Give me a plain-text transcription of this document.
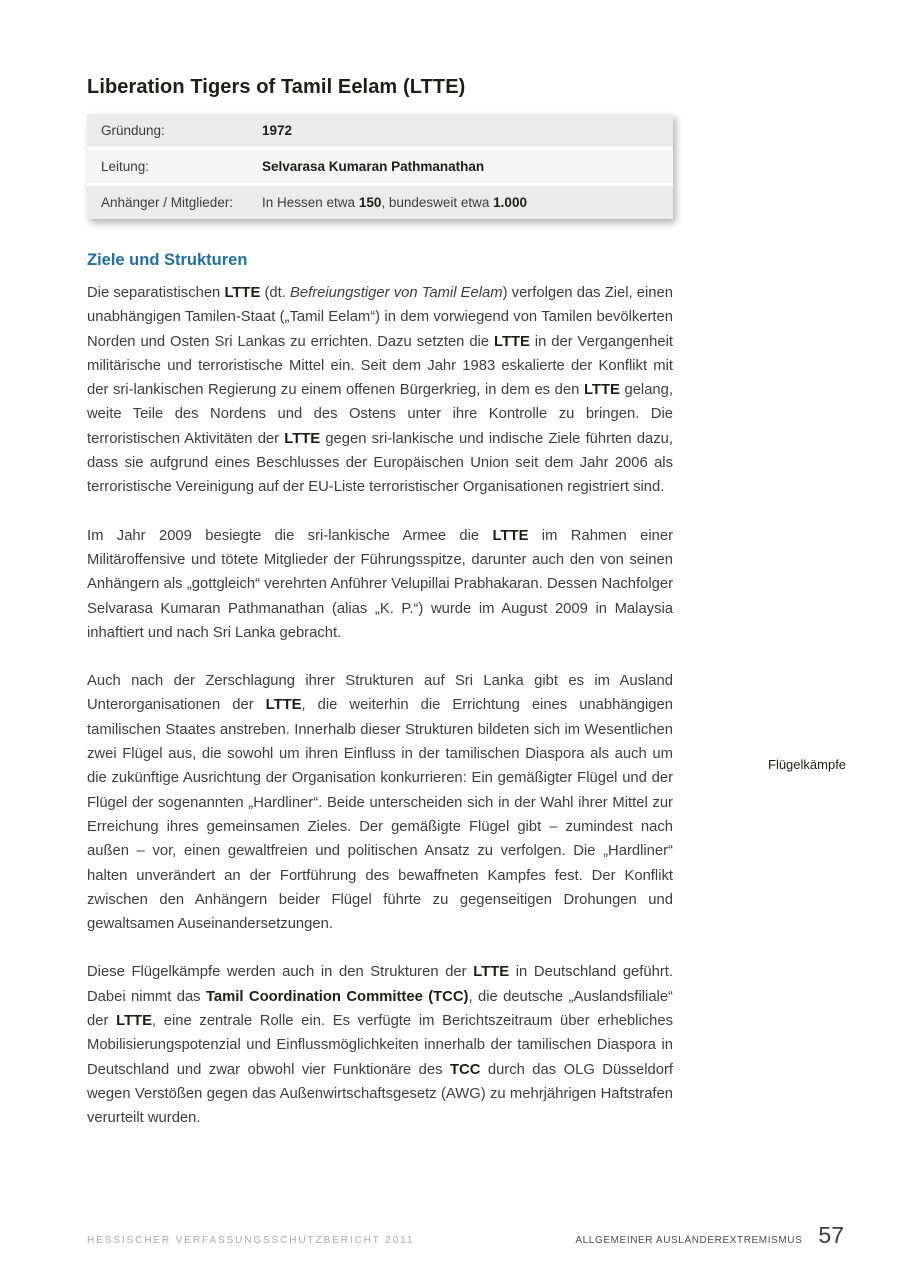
Liberation Tigers of Tamil Eelam (LTTE)
Gründung:	1972
Leitung:	Selvarasa Kumaran Pathmanathan
Anhänger / Mitglieder:	In Hessen etwa 150, bundesweit etwa 1.000
Ziele und Strukturen

Die separatistischen LTTE (dt. Befreiungstiger von Tamil Eelam) verfolgen das Ziel, einen unabhängigen Tamilen-Staat („Tamil Eelam“) in dem vorwiegend von Tamilen bevölkerten Norden und Osten Sri Lankas zu errichten. Dazu setzten die LTTE in der Vergangenheit militärische und terroristische Mittel ein. Seit dem Jahr 1983 eskalierte der Konflikt mit der sri-lankischen Regierung zu einem offenen Bürgerkrieg, in dem es den LTTE gelang, weite Teile des Nordens und des Ostens unter ihre Kontrolle zu bringen. Die terroristischen Aktivitäten der LTTE gegen sri-lankische und indische Ziele führten dazu, dass sie aufgrund eines Beschlusses der Europäischen Union seit dem Jahr 2006 als terroristische Vereinigung auf der EU-Liste terroristischer Organisationen registriert sind.

Im Jahr 2009 besiegte die sri-lankische Armee die LTTE im Rahmen einer Militäroffensive und tötete Mitglieder der Führungsspitze, darunter auch den von seinen Anhängern als „gottgleich“ verehrten Anführer Velupillai Prabhakaran. Dessen Nachfolger Selvarasa Kumaran Pathmanathan (alias „K. P.“) wurde im August 2009 in Malaysia inhaftiert und nach Sri Lanka gebracht.

Auch nach der Zerschlagung ihrer Strukturen auf Sri Lanka gibt es im Ausland Unterorganisationen der LTTE, die weiterhin die Errichtung eines unabhängigen tamilischen Staates anstreben. Innerhalb dieser Strukturen bildeten sich im Wesentlichen zwei Flügel aus, die sowohl um ihren Einfluss in der tamilischen Diaspora als auch um die zukünftige Ausrichtung der Organisation konkurrieren: Ein gemäßigter Flügel und der Flügel der sogenannten „Hardliner“. Beide unterscheiden sich in der Wahl ihrer Mittel zur Erreichung ihres gemeinsamen Zieles. Der gemäßigte Flügel gibt – zumindest nach außen – vor, einen gewaltfreien und politischen Ansatz zu verfolgen. Die „Hardliner“ halten unverändert an der Fortführung des bewaffneten Kampfes fest. Der Konflikt zwischen den Anhängern beider Flügel führte zu gegenseitigen Drohungen und gewaltsamen Auseinandersetzungen.

Diese Flügelkämpfe werden auch in den Strukturen der LTTE in Deutschland geführt. Dabei nimmt das Tamil Coordination Committee (TCC), die deutsche „Auslandsfiliale“ der LTTE, eine zentrale Rolle ein. Es verfügte im Berichtszeitraum über erhebliches Mobilisierungspotenzial und Einflussmöglichkeiten innerhalb der tamilischen Diaspora in Deutschland und zwar obwohl vier Funktionäre des TCC durch das OLG Düsseldorf wegen Verstößen gegen das Außenwirtschaftsgesetz (AWG) zu mehrjährigen Haftstrafen verurteilt wurden.

Flügelkämpfe
HESSISCHER VERFASSUNGSSCHUTZBERICHT 2011	ALLGEMEINER AUSLÄNDEREXTREMISMUS 57
